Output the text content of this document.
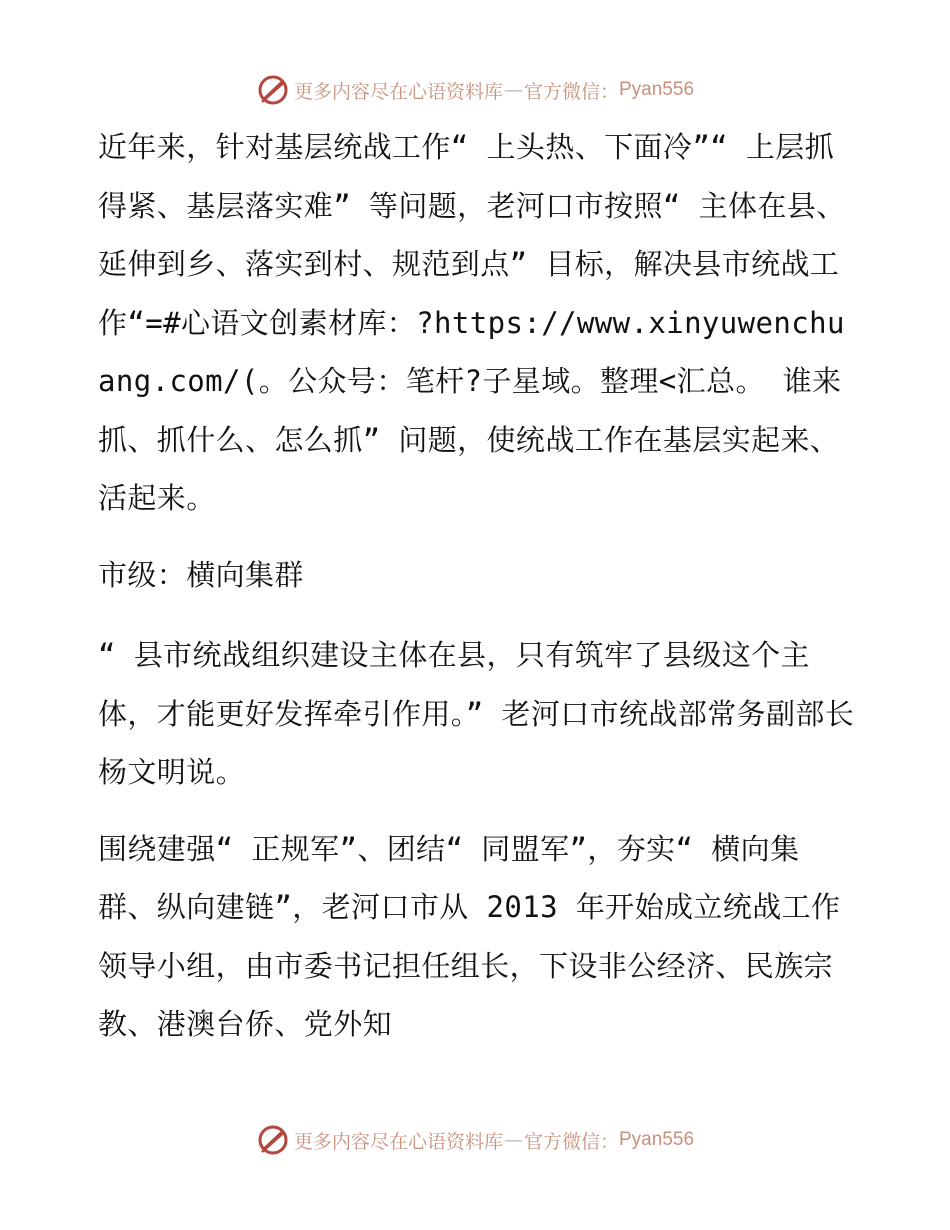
更多内容尽在心语资料库 — 官方微信： Pyan556

近年来，针对基层统战工作“ 上头热、下面冷”“ 上层抓得紧、基层落实难” 等问题，老河口市按照“ 主体在县、延伸到乡、落实到村、规范到点” 目标，解决县市统战工作“=#心语文创素材库：?https://www.xinyuwenchuang.com/(。公众号：笔杆?子星域。整理<汇总。 谁来抓、抓什么、怎么抓” 问题，使统战工作在基层实起来、活起来。

市级：横向集群

“ 县市统战组织建设主体在县，只有筑牢了县级这个主体，才能更好发挥牵引作用。” 老河口市统战部常务副部长杨文明说。

围绕建强“ 正规军”、团结“ 同盟军”，夯实“ 横向集群、纵向建链”，老河口市从 2013 年开始成立统战工作领导小组，由市委书记担任组长，下设非公经济、民族宗教、港澳台侨、党外知

更多内容尽在心语资料库 — 官方微信： Pyan556
